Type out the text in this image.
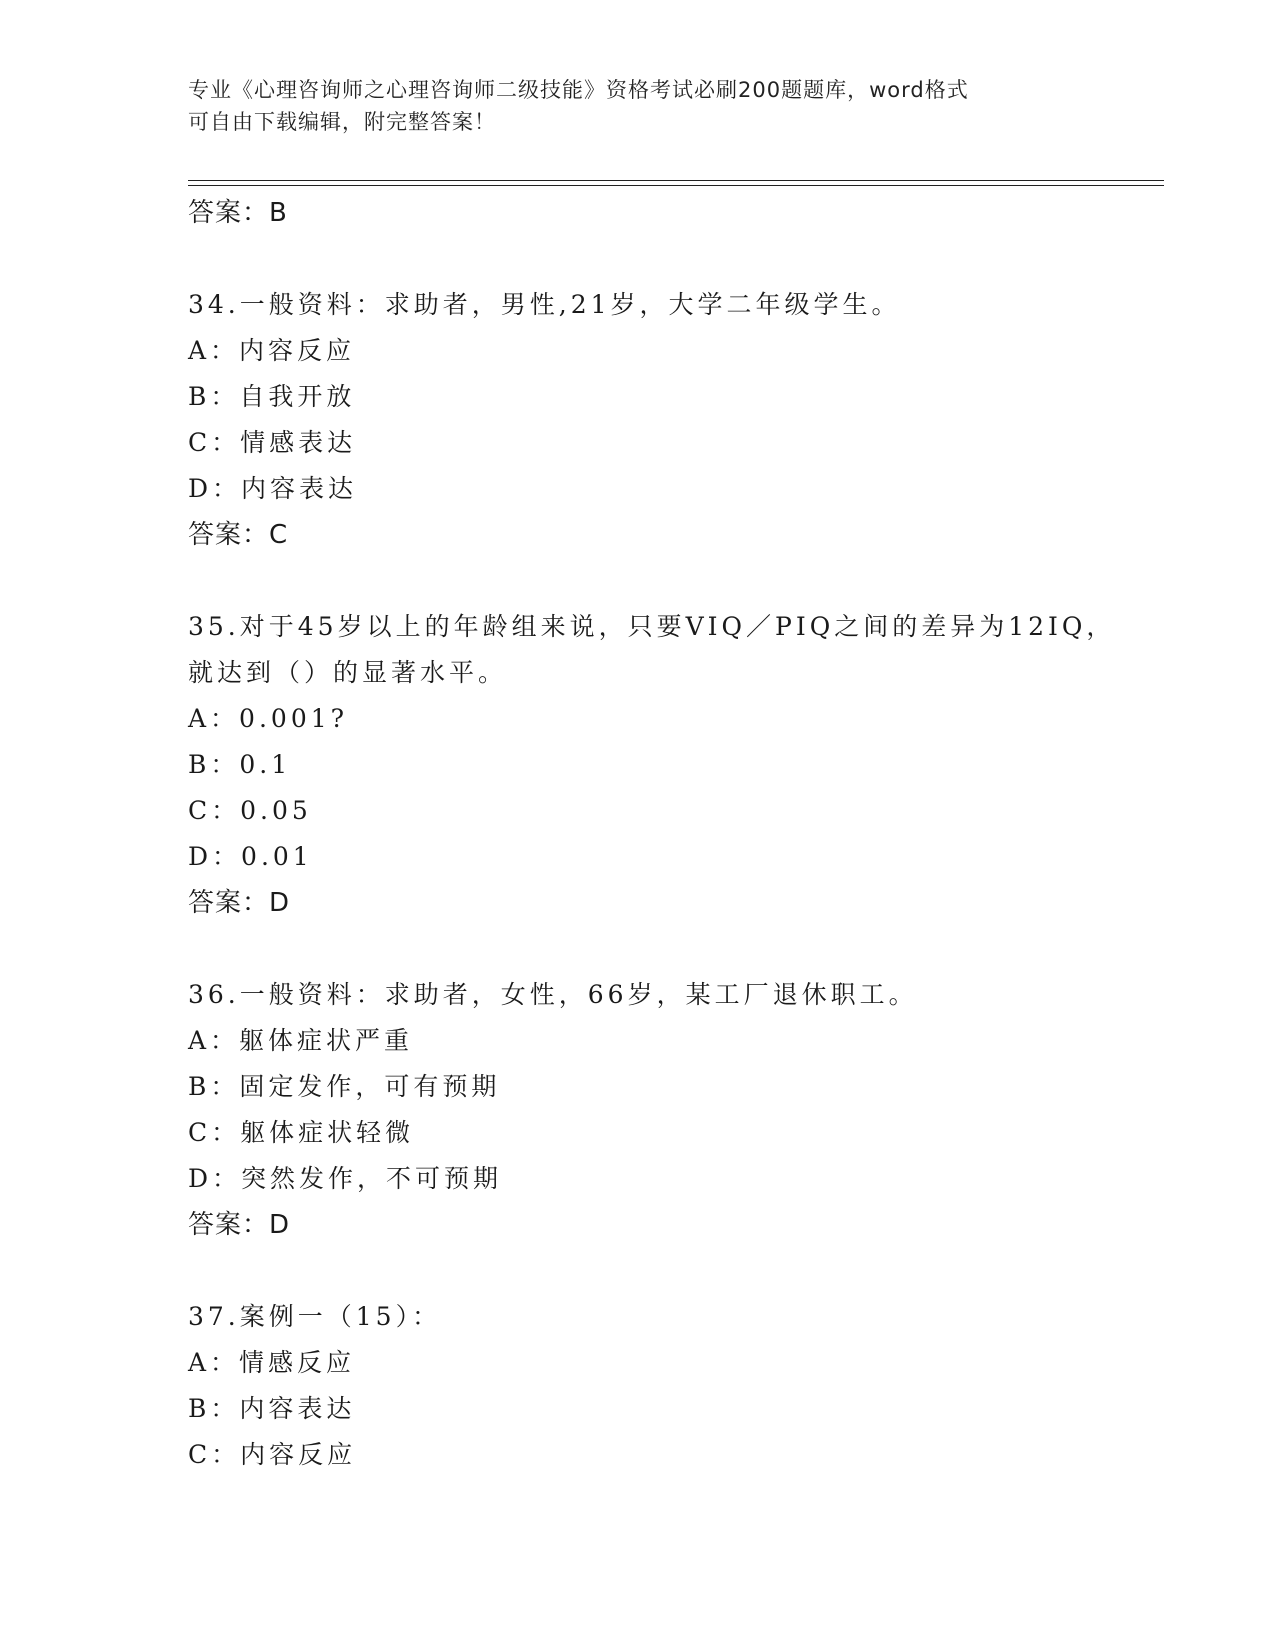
专业《心理咨询师之心理咨询师二级技能》资格考试必刷200题题库，word格式
可自由下载编辑，附完整答案！
答案：B
34.一般资料：求助者，男性,21岁，大学二年级学生。
A：内容反应
B：自我开放
C：情感表达
D：内容表达
答案：C
35.对于45岁以上的年龄组来说，只要VIQ／PIQ之间的差异为12IQ，
就达到（）的显著水平。
A：0.001?
B：0.1
C：0.05
D：0.01
答案：D
36.一般资料：求助者，女性，66岁，某工厂退休职工。
A：躯体症状严重
B：固定发作，可有预期
C：躯体症状轻微
D：突然发作，不可预期
答案：D
37.案例一（15）：
A：情感反应
B：内容表达
C：内容反应
